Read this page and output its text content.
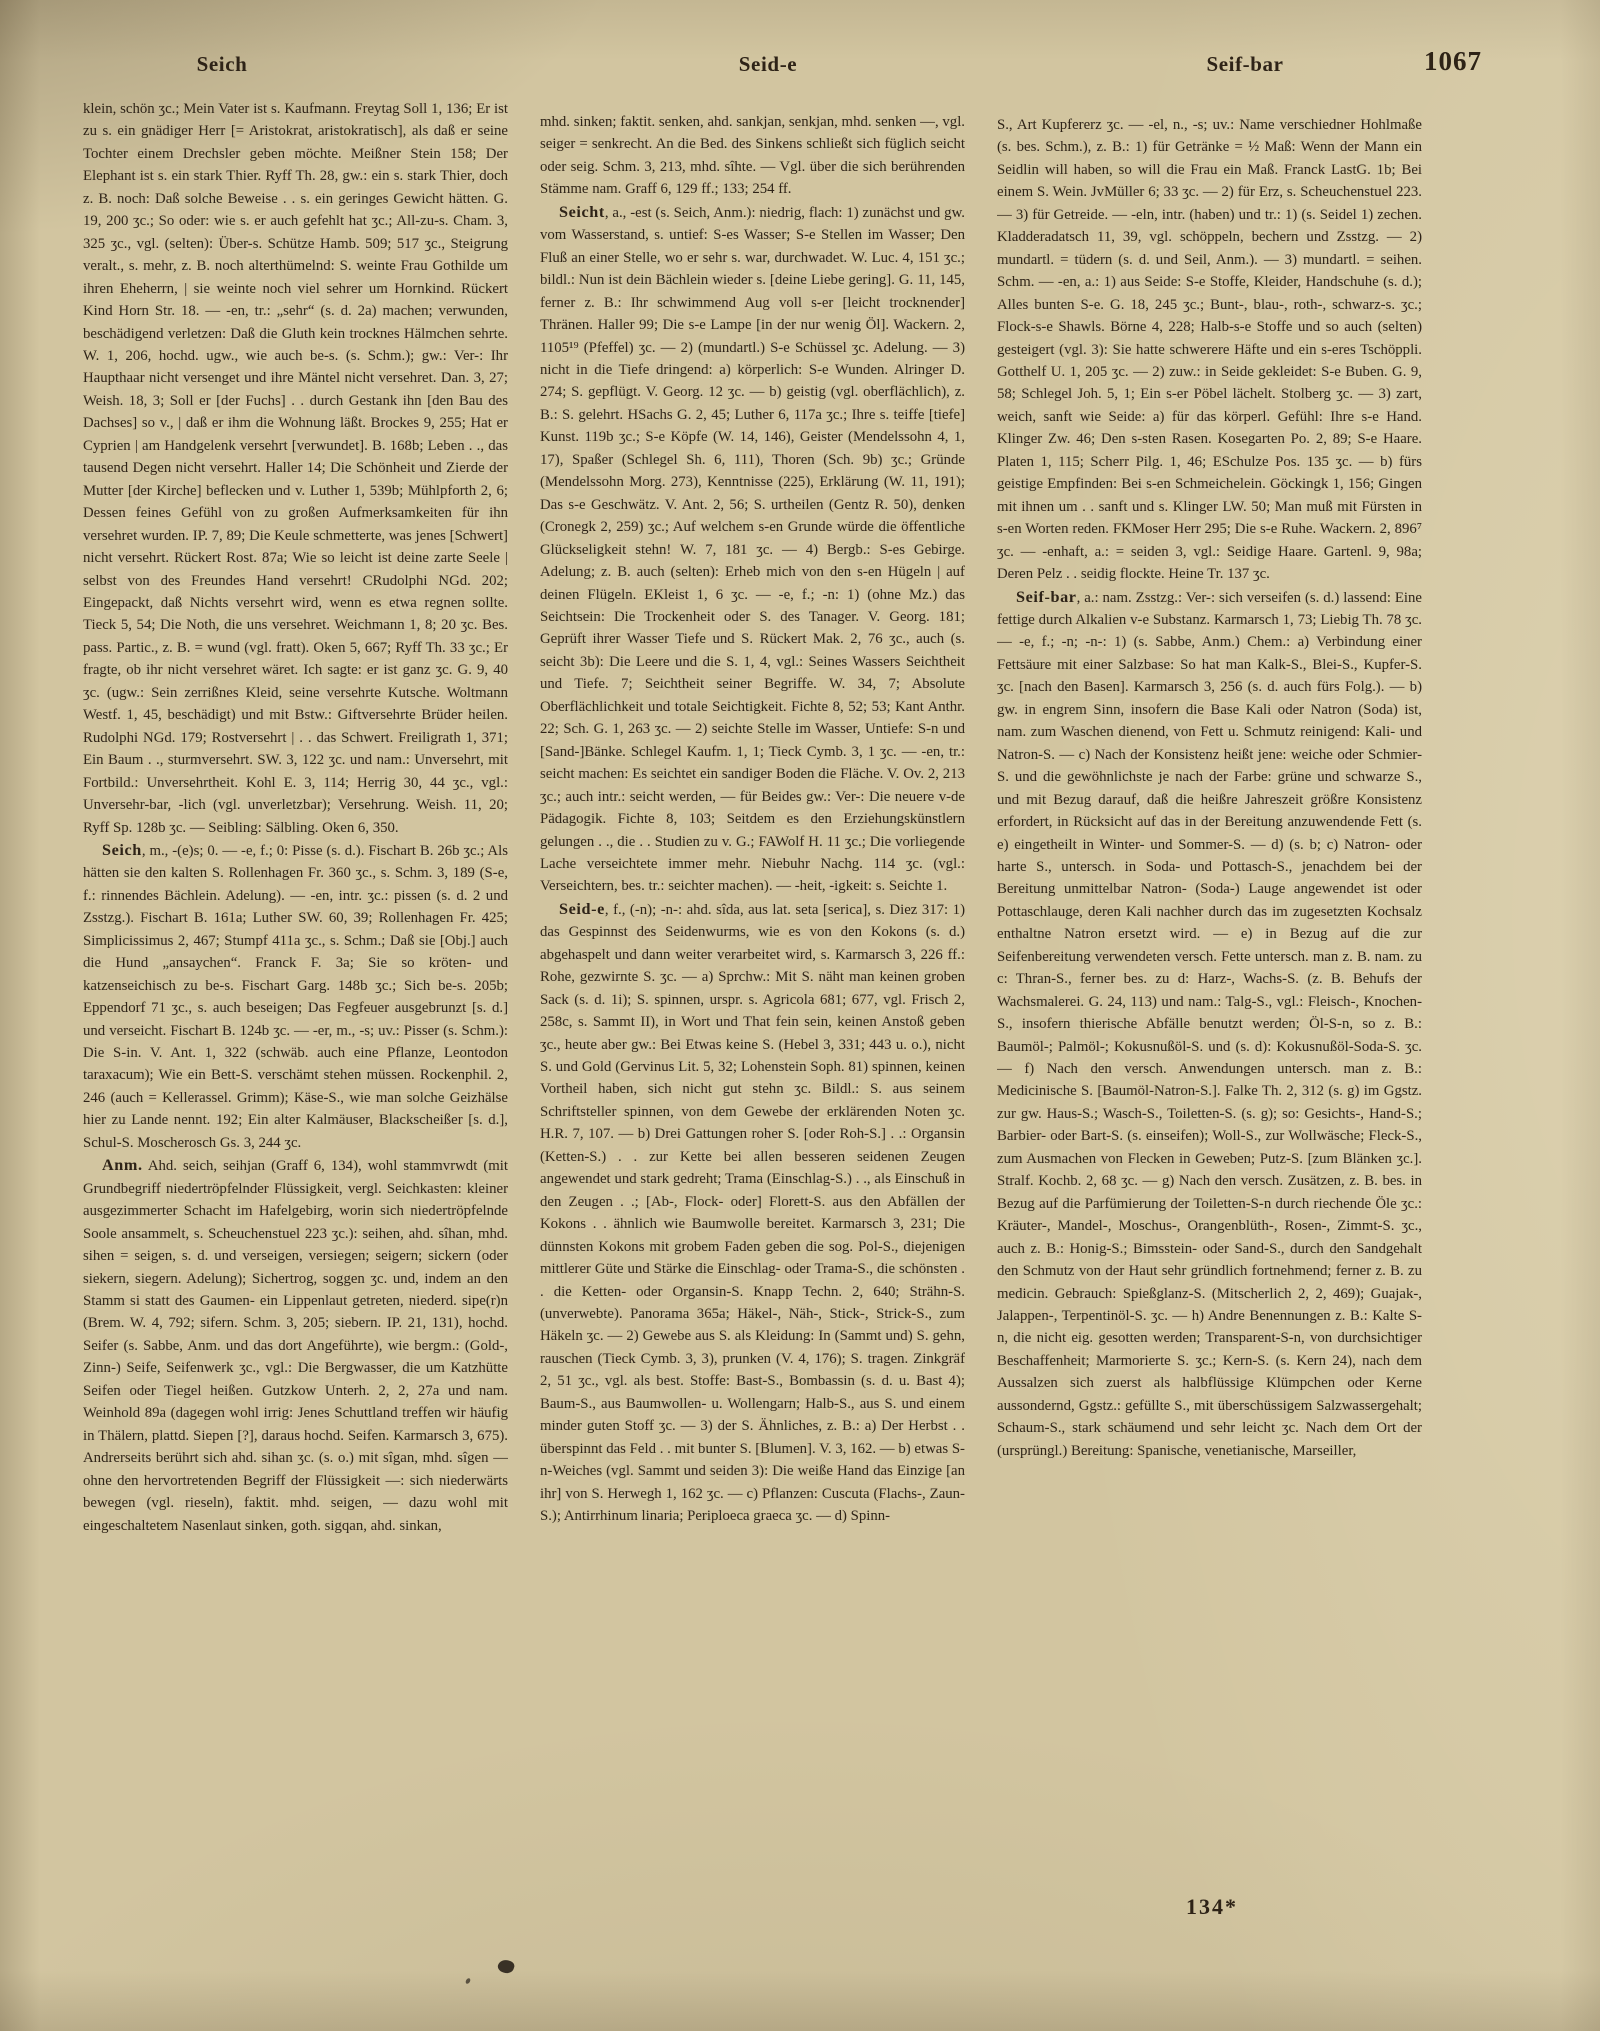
Seich	Seid-e	Seif-bar	1067

klein, schön ʒc.; Mein Vater ist s. Kaufmann. Freytag Soll 1, 136; Er ist zu s. ein gnädiger Herr [= Aristokrat, aristokratisch], als daß er seine Tochter einem Drechsler geben möchte. Meißner Stein 158; Der Elephant ist s. ein stark Thier. Ryff Th. 28, gw.: ein s. stark Thier, doch z. B. noch: Daß solche Beweise . . s. ein geringes Gewicht hätten. G. 19, 200 ʒc.; So oder: wie s. er auch gefehlt hat ʒc.; All-zu-s. Cham. 3, 325 ʒc., vgl. (selten): Über-s. Schütze Hamb. 509; 517 ʒc., Steigrung veralt., s. mehr, z. B. noch alterthümelnd: S. weinte Frau Gothilde um ihren Eheherrn, | sie weinte noch viel sehrer um Hornkind. Rückert Kind Horn Str. 18. — -en, tr.: „sehr“ (s. d. 2a) machen; verwunden, beschädigend verletzen: Daß die Gluth kein trocknes Hälmchen sehrte. W. 1, 206, hochd. ugw., wie auch be-s. (s. Schm.); gw.: Ver-: Ihr Haupthaar nicht versenget und ihre Mäntel nicht versehret. Dan. 3, 27; Weish. 18, 3; Soll er [der Fuchs] . . durch Gestank ihn [den Bau des Dachses] so v., | daß er ihm die Wohnung läßt. Brockes 9, 255; Hat er Cyprien | am Handgelenk versehrt [verwundet]. B. 168b; Leben . ., das tausend Degen nicht versehrt. Haller 14; Die Schönheit und Zierde der Mutter [der Kirche] beflecken und v. Luther 1, 539b; Mühlpforth 2, 6; Dessen feines Gefühl von zu großen Aufmerksamkeiten für ihn versehret wurden. IP. 7, 89; Die Keule schmetterte, was jenes [Schwert] nicht versehrt. Rückert Rost. 87a; Wie so leicht ist deine zarte Seele | selbst von des Freundes Hand versehrt! CRudolphi NGd. 202; Eingepackt, daß Nichts versehrt wird, wenn es etwa regnen sollte. Tieck 5, 54; Die Noth, die uns versehret. Weichmann 1, 8; 20 ʒc. Bes. pass. Partic., z. B. = wund (vgl. fratt). Oken 5, 667; Ryff Th. 33 ʒc.; Er fragte, ob ihr nicht versehret wäret. Ich sagte: er ist ganz ʒc. G. 9, 40 ʒc. (ugw.: Sein zerrißnes Kleid, seine versehrte Kutsche. Woltmann Westf. 1, 45, beschädigt) und mit Bstw.: Giftversehrte Brüder heilen. Rudolphi NGd. 179; Rostversehrt | . . das Schwert. Freiligrath 1, 371; Ein Baum . ., sturmversehrt. SW. 3, 122 ʒc. und nam.: Unversehrt, mit Fortbild.: Unversehrtheit. Kohl E. 3, 114; Herrig 30, 44 ʒc., vgl.: Unversehr-bar, -lich (vgl. unverletzbar); Versehrung. Weish. 11, 20; Ryff Sp. 128b ʒc. — Seibling: Sälbling. Oken 6, 350.

Seich, m., -(e)s; 0. — -e, f.; 0: Pisse (s. d.). Fischart B. 26b ʒc.; Als hätten sie den kalten S. Rollenhagen Fr. 360 ʒc., s. Schm. 3, 189 (S-e, f.: rinnendes Bächlein. Adelung). — -en, intr. ʒc.: pissen (s. d. 2 und Zsstzg.). Fischart B. 161a; Luther SW. 60, 39; Rollenhagen Fr. 425; Simplicissimus 2, 467; Stumpf 411a ʒc., s. Schm.; Daß sie [Obj.] auch die Hund „ansaychen“. Franck F. 3a; Sie so kröten- und katzenseichisch zu be-s. Fischart Garg. 148b ʒc.; Sich be-s. 205b; Eppendorf 71 ʒc., s. auch beseigen; Das Fegfeuer ausgebrunzt [s. d.] und verseicht. Fischart B. 124b ʒc. — -er, m., -s; uv.: Pisser (s. Schm.): Die S-in. V. Ant. 1, 322 (schwäb. auch eine Pflanze, Leontodon taraxacum); Wie ein Bett-S. verschämt stehen müssen. Rockenphil. 2, 246 (auch = Kellerassel. Grimm); Käse-S., wie man solche Geizhälse hier zu Lande nennt. 192; Ein alter Kalmäuser, Blackscheißer [s. d.], Schul-S. Moscherosch Gs. 3, 244 ʒc.

Anm. Ahd. seich, seihjan (Graff 6, 134), wohl stammvrwdt (mit Grundbegriff niedertröpfelnder Flüssigkeit, vergl. Seichkasten: kleiner ausgezimmerter Schacht im Hafelgebirg, worin sich niedertröpfelnde Soole ansammelt, s. Scheuchenstuel 223 ʒc.): seihen, ahd. sîhan, mhd. sihen = seigen, s. d. und verseigen, versiegen; seigern; sickern (oder siekern, siegern. Adelung); Sichertrog, soggen ʒc. und, indem an den Stamm si statt des Gaumen- ein Lippenlaut getreten, niederd. sipe(r)n (Brem. W. 4, 792; sifern. Schm. 3, 205; siebern. IP. 21, 131), hochd. Seifer (s. Sabbe, Anm. und das dort Angeführte), wie bergm.: (Gold-, Zinn-) Seife, Seifenwerk ʒc., vgl.: Die Bergwasser, die um Katzhütte Seifen oder Tiegel heißen. Gutzkow Unterh. 2, 2, 27a und nam. Weinhold 89a (dagegen wohl irrig: Jenes Schuttland treffen wir häufig in Thälern, plattd. Siepen [?], daraus hochd. Seifen. Karmarsch 3, 675). Andrerseits berührt sich ahd. sihan ʒc. (s. o.) mit sîgan, mhd. sîgen — ohne den hervortretenden Begriff der Flüssigkeit —: sich niederwärts bewegen (vgl. rieseln), faktit. mhd. seigen, — dazu wohl mit eingeschaltetem Nasenlaut sinken, goth. sigqan, ahd. sinkan,

mhd. sinken; faktit. senken, ahd. sankjan, senkjan, mhd. senken —, vgl. seiger = senkrecht. An die Bed. des Sinkens schließt sich füglich seicht oder seig. Schm. 3, 213, mhd. sîhte. — Vgl. über die sich berührenden Stämme nam. Graff 6, 129 ff.; 133; 254 ff.

Seicht, a., -est (s. Seich, Anm.): niedrig, flach: 1) zunächst und gw. vom Wasserstand, s. untief: S-es Wasser; S-e Stellen im Wasser; Den Fluß an einer Stelle, wo er sehr s. war, durchwadet. W. Luc. 4, 151 ʒc.; bildl.: Nun ist dein Bächlein wieder s. [deine Liebe gering]. G. 11, 145, ferner z. B.: Ihr schwimmend Aug voll s-er [leicht trocknender] Thränen. Haller 99; Die s-e Lampe [in der nur wenig Öl]. Wackern. 2, 1105¹⁹ (Pfeffel) ʒc. — 2) (mundartl.) S-e Schüssel ʒc. Adelung. — 3) nicht in die Tiefe dringend: a) körperlich: S-e Wunden. Alringer D. 274; S. gepflügt. V. Georg. 12 ʒc. — b) geistig (vgl. oberflächlich), z. B.: S. gelehrt. HSachs G. 2, 45; Luther 6, 117a ʒc.; Ihre s. teiffe [tiefe] Kunst. 119b ʒc.; S-e Köpfe (W. 14, 146), Geister (Mendelssohn 4, 1, 17), Spaßer (Schlegel Sh. 6, 111), Thoren (Sch. 9b) ʒc.; Gründe (Mendelssohn Morg. 273), Kenntnisse (225), Erklärung (W. 11, 191); Das s-e Geschwätz. V. Ant. 2, 56; S. urtheilen (Gentz R. 50), denken (Cronegk 2, 259) ʒc.; Auf welchem s-en Grunde würde die öffentliche Glückseligkeit stehn! W. 7, 181 ʒc. — 4) Bergb.: S-es Gebirge. Adelung; z. B. auch (selten): Erheb mich von den s-en Hügeln | auf deinen Flügeln. EKleist 1, 6 ʒc. — -e, f.; -n: 1) (ohne Mz.) das Seichtsein: Die Trockenheit oder S. des Tanager. V. Georg. 181; Geprüft ihrer Wasser Tiefe und S. Rückert Mak. 2, 76 ʒc., auch (s. seicht 3b): Die Leere und die S. 1, 4, vgl.: Seines Wassers Seichtheit und Tiefe. 7; Seichtheit seiner Begriffe. W. 34, 7; Absolute Oberflächlichkeit und totale Seichtigkeit. Fichte 8, 52; 53; Kant Anthr. 22; Sch. G. 1, 263 ʒc. — 2) seichte Stelle im Wasser, Untiefe: S-n und [Sand-]Bänke. Schlegel Kaufm. 1, 1; Tieck Cymb. 3, 1 ʒc. — -en, tr.: seicht machen: Es seichtet ein sandiger Boden die Fläche. V. Ov. 2, 213 ʒc.; auch intr.: seicht werden, — für Beides gw.: Ver-: Die neuere v-de Pädagogik. Fichte 8, 103; Seitdem es den Erziehungskünstlern gelungen . ., die . . Studien zu v. G.; FAWolf H. 11 ʒc.; Die vorliegende Lache verseichtete immer mehr. Niebuhr Nachg. 114 ʒc. (vgl.: Verseichtern, bes. tr.: seichter machen). — -heit, -igkeit: s. Seichte 1.

Seid-e, f., (-n); -n-: ahd. sîda, aus lat. seta [serica], s. Diez 317: 1) das Gespinnst des Seidenwurms, wie es von den Kokons (s. d.) abgehaspelt und dann weiter verarbeitet wird, s. Karmarsch 3, 226 ff.: Rohe, gezwirnte S. ʒc. — a) Sprchw.: Mit S. näht man keinen groben Sack (s. d. 1i); S. spinnen, urspr. s. Agricola 681; 677, vgl. Frisch 2, 258c, s. Sammt II), in Wort und That fein sein, keinen Anstoß geben ʒc., heute aber gw.: Bei Etwas keine S. (Hebel 3, 331; 443 u. o.), nicht S. und Gold (Gervinus Lit. 5, 32; Lohenstein Soph. 81) spinnen, keinen Vortheil haben, sich nicht gut stehn ʒc. Bildl.: S. aus seinem Schriftsteller spinnen, von dem Gewebe der erklärenden Noten ʒc. H.R. 7, 107. — b) Drei Gattungen roher S. [oder Roh-S.] . .: Organsin (Ketten-S.) . . zur Kette bei allen besseren seidenen Zeugen angewendet und stark gedreht; Trama (Einschlag-S.) . ., als Einschuß in den Zeugen . .; [Ab-, Flock- oder] Florett-S. aus den Abfällen der Kokons . . ähnlich wie Baumwolle bereitet. Karmarsch 3, 231; Die dünnsten Kokons mit grobem Faden geben die sog. Pol-S., diejenigen mittlerer Güte und Stärke die Einschlag- oder Trama-S., die schönsten . . die Ketten- oder Organsin-S. Knapp Techn. 2, 640; Strähn-S. (unverwebte). Panorama 365a; Häkel-, Näh-, Stick-, Strick-S., zum Häkeln ʒc. — 2) Gewebe aus S. als Kleidung: In (Sammt und) S. gehn, rauschen (Tieck Cymb. 3, 3), prunken (V. 4, 176); S. tragen. Zinkgräf 2, 51 ʒc., vgl. als best. Stoffe: Bast-S., Bombassin (s. d. u. Bast 4); Baum-S., aus Baumwollen- u. Wollengarn; Halb-S., aus S. und einem minder guten Stoff ʒc. — 3) der S. Ähnliches, z. B.: a) Der Herbst . . überspinnt das Feld . . mit bunter S. [Blumen]. V. 3, 162. — b) etwas S-n-Weiches (vgl. Sammt und seiden 3): Die weiße Hand das Einzige [an ihr] von S. Herwegh 1, 162 ʒc. — c) Pflanzen: Cuscuta (Flachs-, Zaun-S.); Antirrhinum linaria; Periploeca graeca ʒc. — d) Spinn-

S., Art Kupfererz ʒc. — -el, n., -s; uv.: Name verschiedner Hohlmaße (s. bes. Schm.), z. B.: 1) für Getränke = ½ Maß: Wenn der Mann ein Seidlin will haben, so will die Frau ein Maß. Franck LastG. 1b; Bei einem S. Wein. JvMüller 6; 33 ʒc. — 2) für Erz, s. Scheuchenstuel 223. — 3) für Getreide. — -eln, intr. (haben) und tr.: 1) (s. Seidel 1) zechen. Kladderadatsch 11, 39, vgl. schöppeln, bechern und Zsstzg. — 2) mundartl. = tüdern (s. d. und Seil, Anm.). — 3) mundartl. = seihen. Schm. — -en, a.: 1) aus Seide: S-e Stoffe, Kleider, Handschuhe (s. d.); Alles bunten S-e. G. 18, 245 ʒc.; Bunt-, blau-, roth-, schwarz-s. ʒc.; Flock-s-e Shawls. Börne 4, 228; Halb-s-e Stoffe und so auch (selten) gesteigert (vgl. 3): Sie hatte schwerere Häfte und ein s-eres Tschöppli. Gotthelf U. 1, 205 ʒc. — 2) zuw.: in Seide gekleidet: S-e Buben. G. 9, 58; Schlegel Joh. 5, 1; Ein s-er Pöbel lächelt. Stolberg ʒc. — 3) zart, weich, sanft wie Seide: a) für das körperl. Gefühl: Ihre s-e Hand. Klinger Zw. 46; Den s-sten Rasen. Kosegarten Po. 2, 89; S-e Haare. Platen 1, 115; Scherr Pilg. 1, 46; ESchulze Pos. 135 ʒc. — b) fürs geistige Empfinden: Bei s-en Schmeichelein. Göckingk 1, 156; Gingen mit ihnen um . . sanft und s. Klinger LW. 50; Man muß mit Fürsten in s-en Worten reden. FKMoser Herr 295; Die s-e Ruhe. Wackern. 2, 896⁷ ʒc. — -enhaft, a.: = seiden 3, vgl.: Seidige Haare. Gartenl. 9, 98a; Deren Pelz . . seidig flockte. Heine Tr. 137 ʒc.

Seif-bar, a.: nam. Zsstzg.: Ver-: sich verseifen (s. d.) lassend: Eine fettige durch Alkalien v-e Substanz. Karmarsch 1, 73; Liebig Th. 78 ʒc. — -e, f.; -n; -n-: 1) (s. Sabbe, Anm.) Chem.: a) Verbindung einer Fettsäure mit einer Salzbase: So hat man Kalk-S., Blei-S., Kupfer-S. ʒc. [nach den Basen]. Karmarsch 3, 256 (s. d. auch fürs Folg.). — b) gw. in engrem Sinn, insofern die Base Kali oder Natron (Soda) ist, nam. zum Waschen dienend, von Fett u. Schmutz reinigend: Kali- und Natron-S. — c) Nach der Konsistenz heißt jene: weiche oder Schmier-S. und die gewöhnlichste je nach der Farbe: grüne und schwarze S., und mit Bezug darauf, daß die heißre Jahreszeit größre Konsistenz erfordert, in Rücksicht auf das in der Bereitung anzuwendende Fett (s. e) eingetheilt in Winter- und Sommer-S. — d) (s. b; c) Natron- oder harte S., untersch. in Soda- und Pottasch-S., jenachdem bei der Bereitung unmittelbar Natron- (Soda-) Lauge angewendet ist oder Pottaschlauge, deren Kali nachher durch das im zugesetzten Kochsalz enthaltne Natron ersetzt wird. — e) in Bezug auf die zur Seifenbereitung verwendeten versch. Fette untersch. man z. B. nam. zu c: Thran-S., ferner bes. zu d: Harz-, Wachs-S. (z. B. Behufs der Wachsmalerei. G. 24, 113) und nam.: Talg-S., vgl.: Fleisch-, Knochen-S., insofern thierische Abfälle benutzt werden; Öl-S-n, so z. B.: Baumöl-; Palmöl-; Kokusnußöl-S. und (s. d): Kokusnußöl-Soda-S. ʒc. — f) Nach den versch. Anwendungen untersch. man z. B.: Medicinische S. [Baumöl-Natron-S.]. Falke Th. 2, 312 (s. g) im Ggstz. zur gw. Haus-S.; Wasch-S., Toiletten-S. (s. g); so: Gesichts-, Hand-S.; Barbier- oder Bart-S. (s. einseifen); Woll-S., zur Wollwäsche; Fleck-S., zum Ausmachen von Flecken in Geweben; Putz-S. [zum Blänken ʒc.]. Stralf. Kochb. 2, 68 ʒc. — g) Nach den versch. Zusätzen, z. B. bes. in Bezug auf die Parfümierung der Toiletten-S-n durch riechende Öle ʒc.: Kräuter-, Mandel-, Moschus-, Orangenblüth-, Rosen-, Zimmt-S. ʒc., auch z. B.: Honig-S.; Bimsstein- oder Sand-S., durch den Sandgehalt den Schmutz von der Haut sehr gründlich fortnehmend; ferner z. B. zu medicin. Gebrauch: Spießglanz-S. (Mitscherlich 2, 2, 469); Guajak-, Jalappen-, Terpentinöl-S. ʒc. — h) Andre Benennungen z. B.: Kalte S-n, die nicht eig. gesotten werden; Transparent-S-n, von durchsichtiger Beschaffenheit; Marmorierte S. ʒc.; Kern-S. (s. Kern 24), nach dem Aussalzen sich zuerst als halbflüssige Klümpchen oder Kerne aussondernd, Ggstz.: gefüllte S., mit überschüssigem Salzwassergehalt; Schaum-S., stark schäumend und sehr leicht ʒc. Nach dem Ort der (ursprüngl.) Bereitung: Spanische, venetianische, Marseiller,

134*
